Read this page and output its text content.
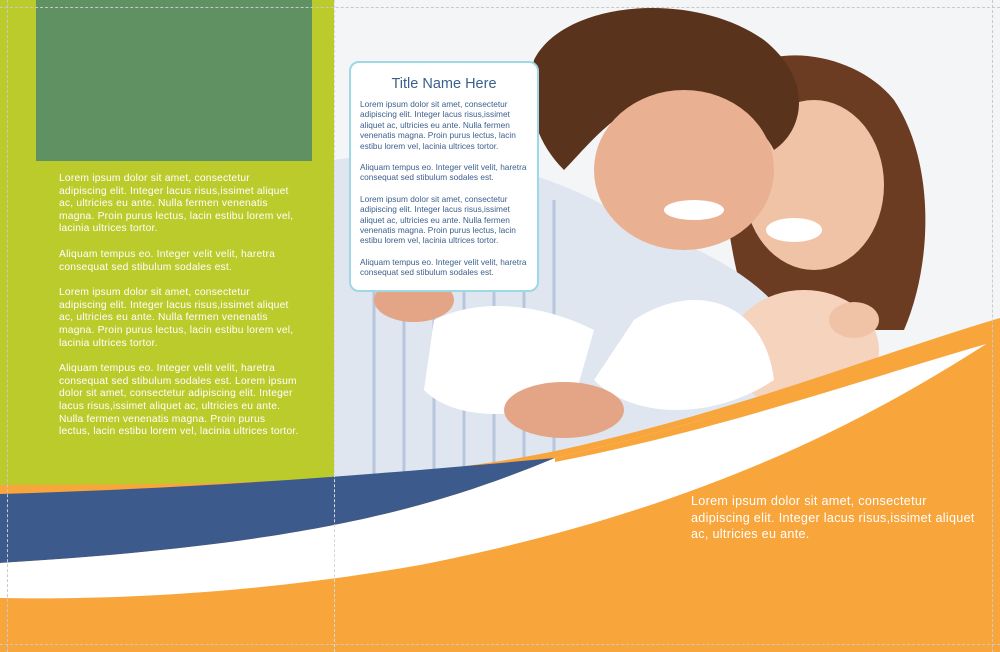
Lorem ipsum dolor sit amet, consectetur adipiscing elit. Integer lacus risus,issimet aliquet ac, ultricies eu ante. Nulla fermen venenatis magna. Proin purus lectus, lacin estibu lorem vel, lacinia ultrices tortor.

Aliquam tempus eo. Integer velit velit, haretra consequat sed stibulum sodales est.

Lorem ipsum dolor sit amet, consectetur adipiscing elit. Integer lacus risus,issimet aliquet ac, ultricies eu ante. Nulla fermen venenatis magna. Proin purus lectus, lacin estibu lorem vel, lacinia ultrices tortor.

Aliquam tempus eo. Integer velit velit, haretra consequat sed stibulum sodales est. Lorem ipsum dolor sit amet, consectetur adipiscing elit. Integer lacus risus,issimet aliquet ac, ultricies eu ante. Nulla fermen venenatis magna. Proin purus lectus, lacin estibu lorem vel, lacinia ultrices tortor.

Title Name Here

Lorem ipsum dolor sit amet, consectetur adipiscing elit. Integer lacus risus,issimet aliquet ac, ultricies eu ante. Nulla fermen venenatis magna. Proin purus lectus, lacin estibu lorem vel, lacinia ultrices tortor.

Aliquam tempus eo. Integer velit velit, haretra consequat sed stibulum sodales est.

Lorem ipsum dolor sit amet, consectetur adipiscing elit. Integer lacus risus,issimet aliquet ac, ultricies eu ante. Nulla fermen venenatis magna. Proin purus lectus, lacin estibu lorem vel, lacinia ultrices tortor.

Aliquam tempus eo. Integer velit velit, haretra consequat sed stibulum sodales est.

Lorem ipsum dolor sit amet, consectetur adipiscing elit. Integer lacus risus,issimet aliquet ac, ultricies eu ante.
